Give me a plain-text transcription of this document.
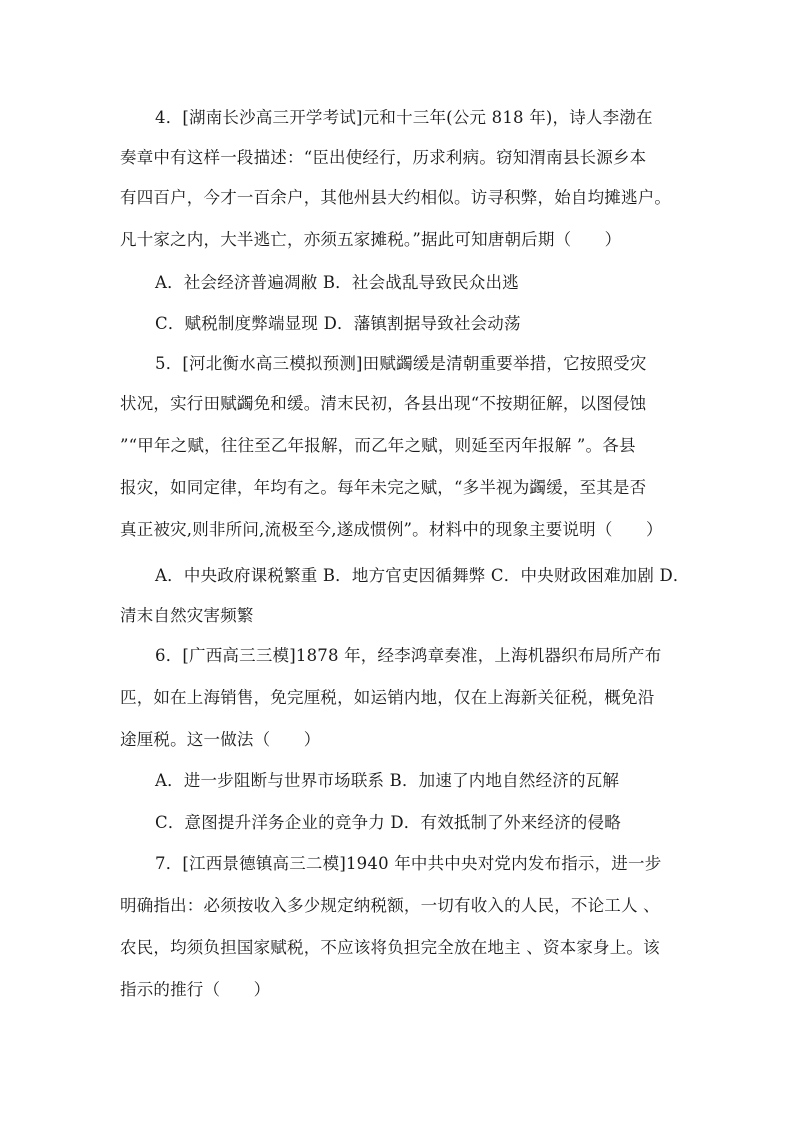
4．[湖南长沙高三开学考试]元和十三年(公元 818 年)，诗人李渤在
奏章中有这样一段描述：“臣出使经行，历求利病。窃知渭南县长源乡本
有四百户，今才一百余户，其他州县大约相似。访寻积弊，始自均摊逃户。
凡十家之内，大半逃亡，亦须五家摊税。”据此可知唐朝后期（　　）
A．社会经济普遍凋敝 B．社会战乱导致民众出逃
C．赋税制度弊端显现 D．藩镇割据导致社会动荡
5．[河北衡水高三模拟预测]田赋蠲缓是清朝重要举措，它按照受灾
状况，实行田赋蠲免和缓。清末民初，各县出现“不按期征解，以图侵蚀
”“甲年之赋，往往至乙年报解，而乙年之赋，则延至丙年报解 ”。各县
报灾，如同定律，年均有之。每年未完之赋，“多半视为蠲缓，至其是否
真正被灾,则非所问,流极至今,遂成惯例”。材料中的现象主要说明（　　）
A．中央政府课税繁重 B．地方官吏因循舞弊 C．中央财政困难加剧 D．
清末自然灾害频繁
6．[广西高三三模]1878 年，经李鸿章奏准，上海机器织布局所产布
匹，如在上海销售，免完厘税，如运销内地，仅在上海新关征税，概免沿
途厘税。这一做法（　　）
A．进一步阻断与世界市场联系 B．加速了内地自然经济的瓦解
C．意图提升洋务企业的竞争力 D．有效抵制了外来经济的侵略
7．[江西景德镇高三二模]1940 年中共中央对党内发布指示，进一步
明确指出：必须按收入多少规定纳税额，一切有收入的人民，不论工人 、
农民，均须负担国家赋税，不应该将负担完全放在地主 、资本家身上。该
指示的推行（　　）
